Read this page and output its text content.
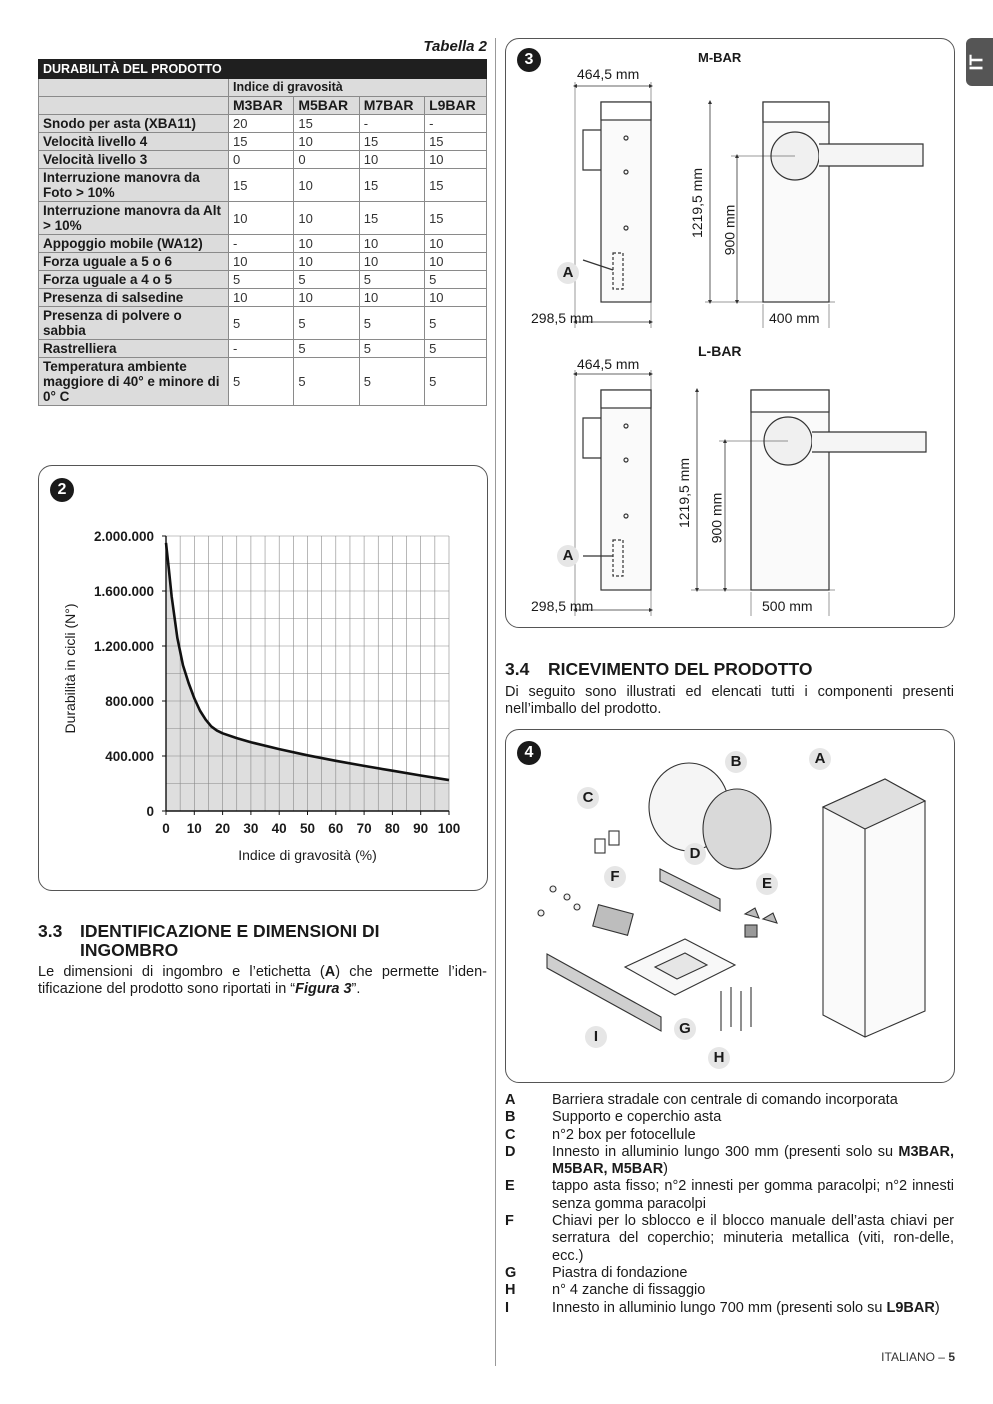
IT
Tabella 2
DURABILITÀ DEL PRODOTTO				
	Indice di gravosità			
	M3BAR	M5BAR	M7BAR	L9BAR
Snodo per asta (XBA11)	20	15	-	-
Velocità livello 4	15	10	15	15
Velocità livello 3	0	0	10	10
Interruzione manovra da Foto > 10%	15	10	15	15
Interruzione manovra da Alt > 10%	10	10	15	15
Appoggio mobile (WA12)	-	10	10	10
Forza uguale a 5 o 6	10	10	10	10
Forza uguale a 4 o 5	5	5	5	5
Presenza di salsedine	10	10	10	10
Presenza di polvere o sabbia	5	5	5	5
Rastrelliera	-	5	5	5
Temperatura ambiente maggiore di 40° e minore di 0° C	5	5	5	5
2
0 10 20 30 40 50 60 70 80 90 100
0
400.000
800.000
1.200.000
1.600.000
2.000.000
Indice di gravosità (%)
Durabilità in cicli (N°)
3.3 IDENTIFICAZIONE E DIMENSIONI DI
INGOMBRO
Le dimensioni di ingombro e l’etichetta (A) che permette l’iden-tificazione del prodotto sono riportati in “Figura 3”.
3
464,5 mm
M-BAR
298,5 mm	400 mm
1219,5 mm 900 mm
A
464,5 mm
L-BAR
298,5 mm	500 mm
1219,5 mm 900 mm
A
3.4 RICEVIMENTO DEL PRODOTTO
Di seguito sono illustrati ed elencati tutti i componenti presenti nell’imballo del prodotto.
4	A
B
C
D
E
F
G
H
I
A	Barriera stradale con centrale di comando incorporata
B	Supporto e coperchio asta
C	n°2 box per fotocellule
D	Innesto in alluminio lungo 300 mm (presenti solo su M3BAR, M5BAR, M5BAR)
E	tappo asta fisso; n°2 innesti per gomma paracolpi; n°2 innesti senza gomma paracolpi
F	Chiavi per lo sblocco e il blocco manuale dell’asta chiavi per serratura del coperchio; minuteria metallica (viti, ron-delle, ecc.)
G	Piastra di fondazione
H	n° 4 zanche di fissaggio
I	Innesto in alluminio lungo 700 mm (presenti solo su L9BAR)
ITALIANO – 5
